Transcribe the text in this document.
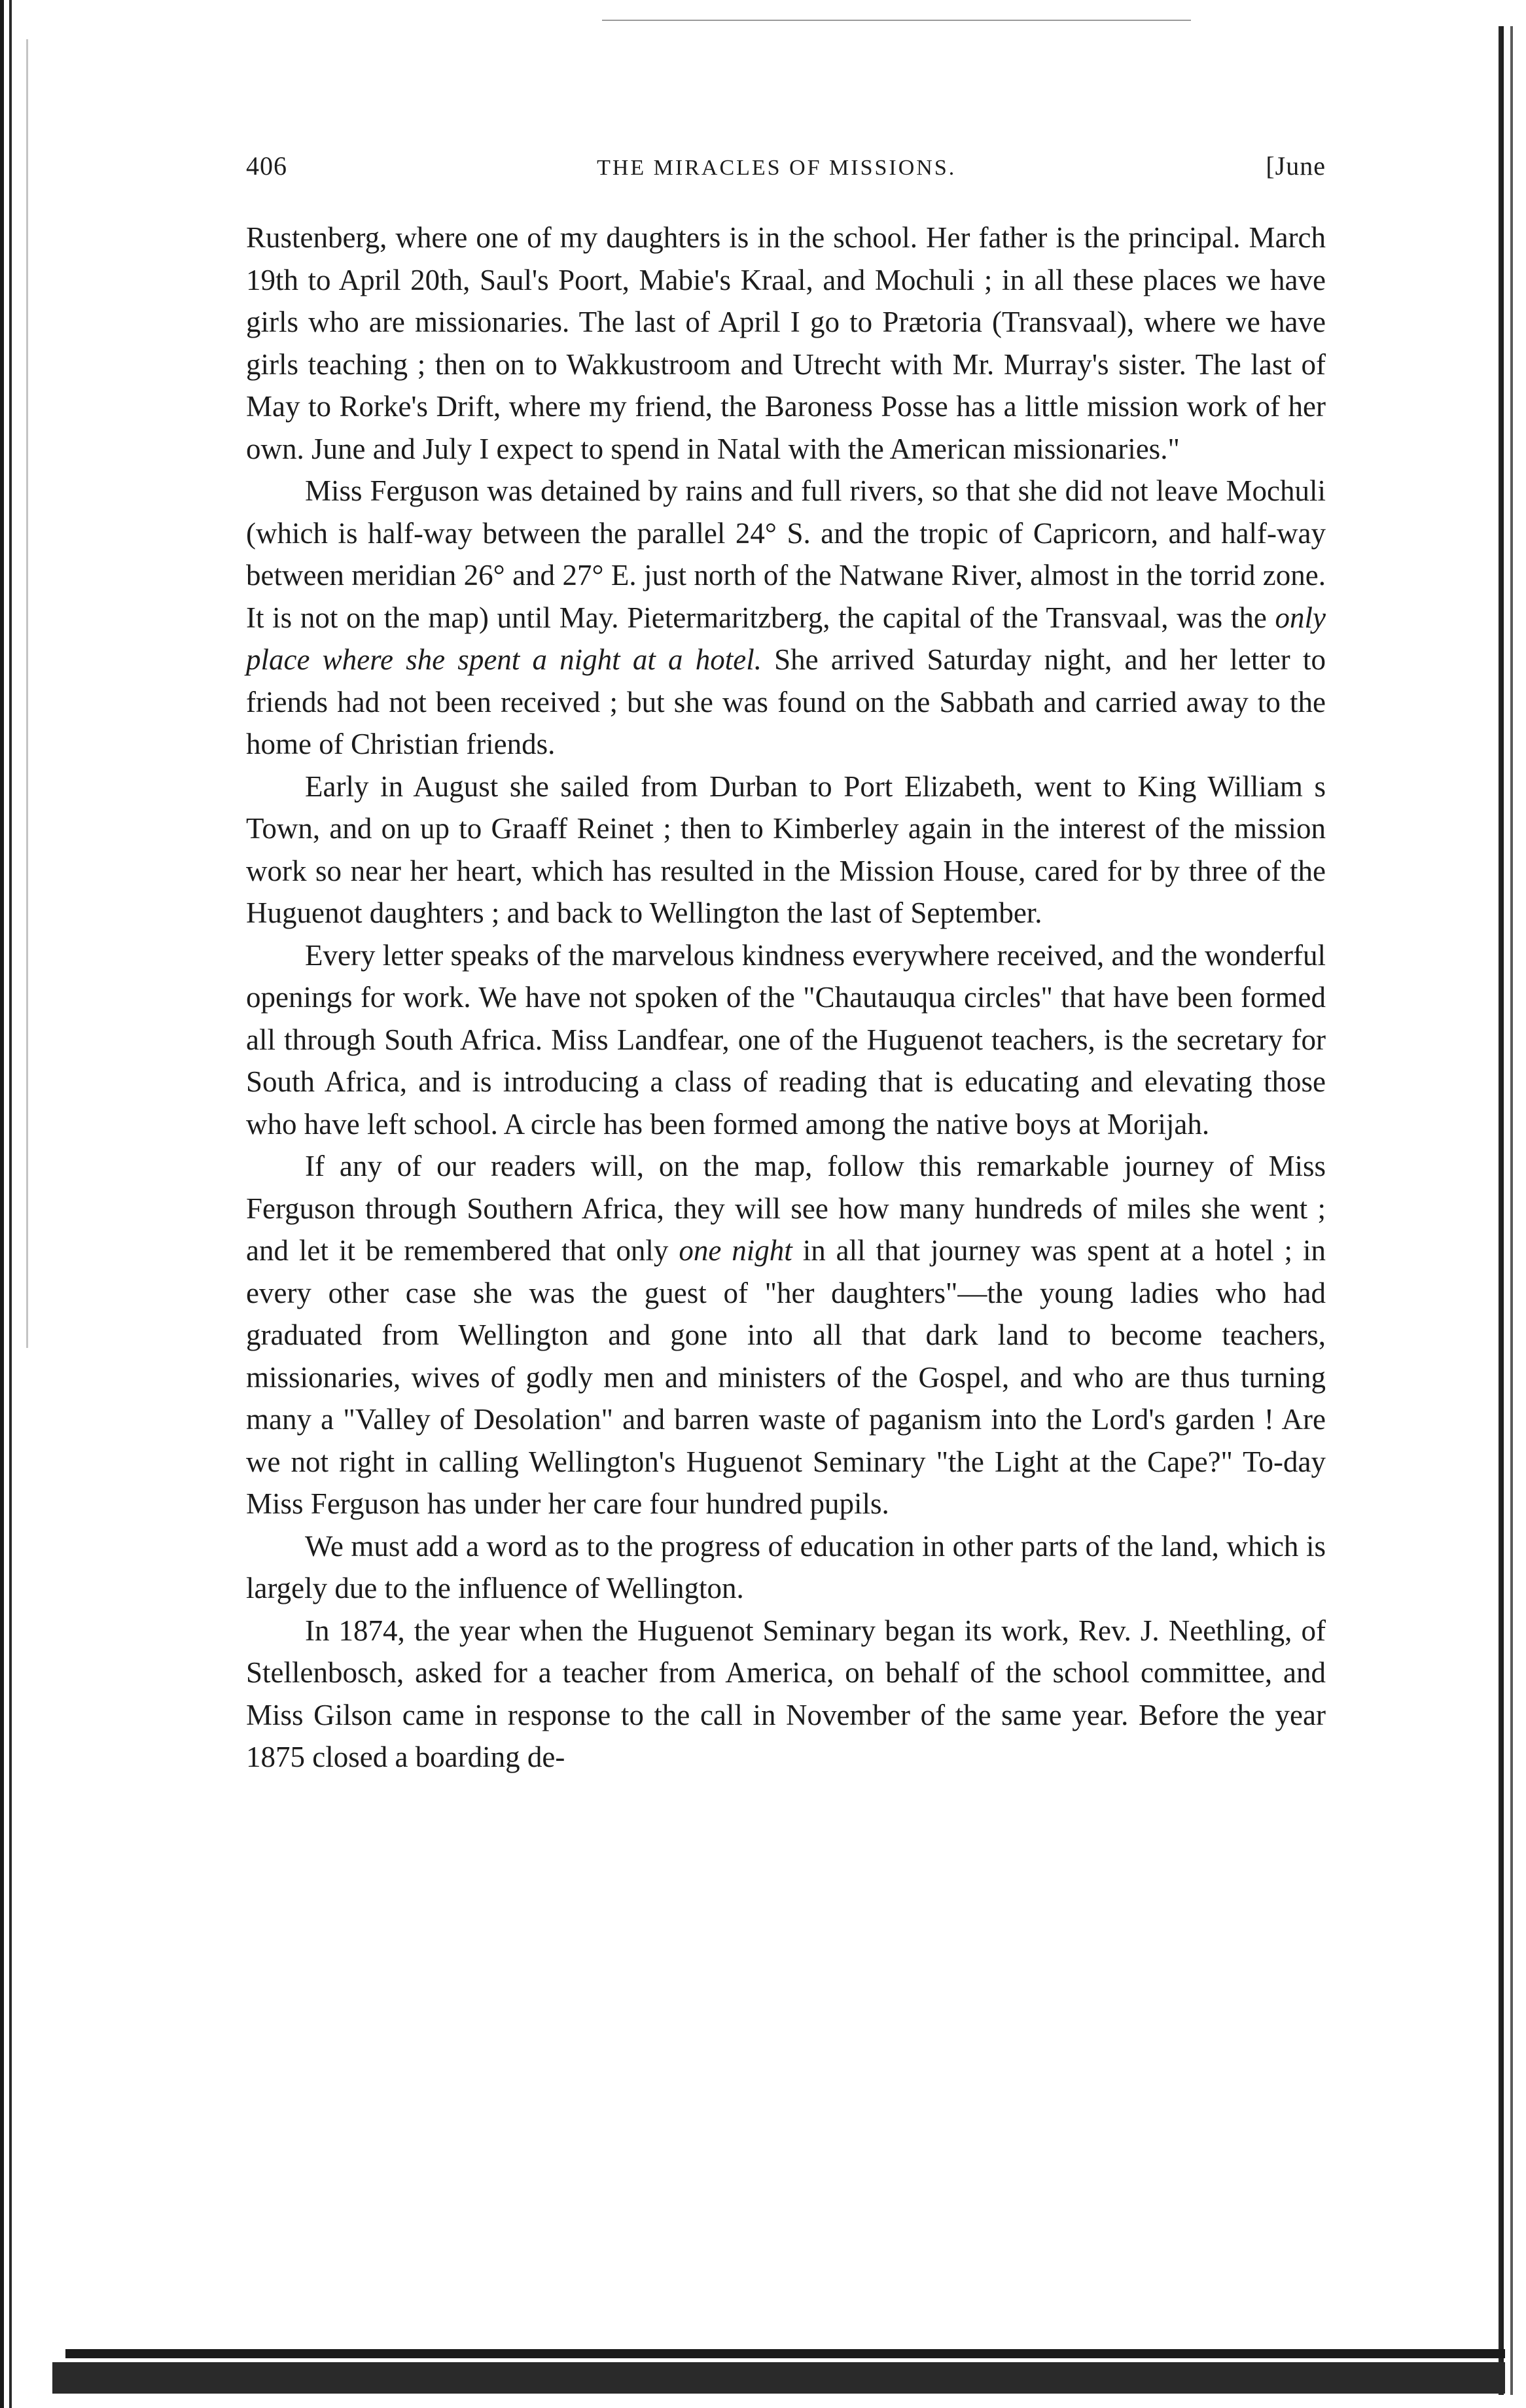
406	THE MIRACLES OF MISSIONS.	[June

Rustenberg, where one of my daughters is in the school. Her father is the principal. March 19th to April 20th, Saul's Poort, Mabie's Kraal, and Mochuli ; in all these places we have girls who are missionaries. The last of April I go to Prætoria (Transvaal), where we have girls teaching ; then on to Wakkustroom and Utrecht with Mr. Murray's sister. The last of May to Rorke's Drift, where my friend, the Baroness Posse has a little mission work of her own. June and July I expect to spend in Natal with the American missionaries."

Miss Ferguson was detained by rains and full rivers, so that she did not leave Mochuli (which is half-way between the parallel 24° S. and the tropic of Capricorn, and half-way between meridian 26° and 27° E. just north of the Natwane River, almost in the torrid zone. It is not on the map) until May. Pietermaritzberg, the capital of the Transvaal, was the only place where she spent a night at a hotel. She arrived Saturday night, and her letter to friends had not been received ; but she was found on the Sabbath and carried away to the home of Christian friends.

Early in August she sailed from Durban to Port Elizabeth, went to King William s Town, and on up to Graaff Reinet ; then to Kimberley again in the interest of the mission work so near her heart, which has resulted in the Mission House, cared for by three of the Huguenot daughters ; and back to Wellington the last of September.

Every letter speaks of the marvelous kindness everywhere received, and the wonderful openings for work. We have not spoken of the "Chautauqua circles" that have been formed all through South Africa. Miss Landfear, one of the Huguenot teachers, is the secretary for South Africa, and is introducing a class of reading that is educating and elevating those who have left school. A circle has been formed among the native boys at Morijah.

If any of our readers will, on the map, follow this remarkable journey of Miss Ferguson through Southern Africa, they will see how many hundreds of miles she went ; and let it be remembered that only one night in all that journey was spent at a hotel ; in every other case she was the guest of "her daughters"—the young ladies who had graduated from Wellington and gone into all that dark land to become teachers, missionaries, wives of godly men and ministers of the Gospel, and who are thus turning many a "Valley of Desolation" and barren waste of paganism into the Lord's garden ! Are we not right in calling Wellington's Huguenot Seminary "the Light at the Cape?" To-day Miss Ferguson has under her care four hundred pupils.

We must add a word as to the progress of education in other parts of the land, which is largely due to the influence of Wellington.

In 1874, the year when the Huguenot Seminary began its work, Rev. J. Neethling, of Stellenbosch, asked for a teacher from America, on behalf of the school committee, and Miss Gilson came in response to the call in November of the same year. Before the year 1875 closed a boarding de-
